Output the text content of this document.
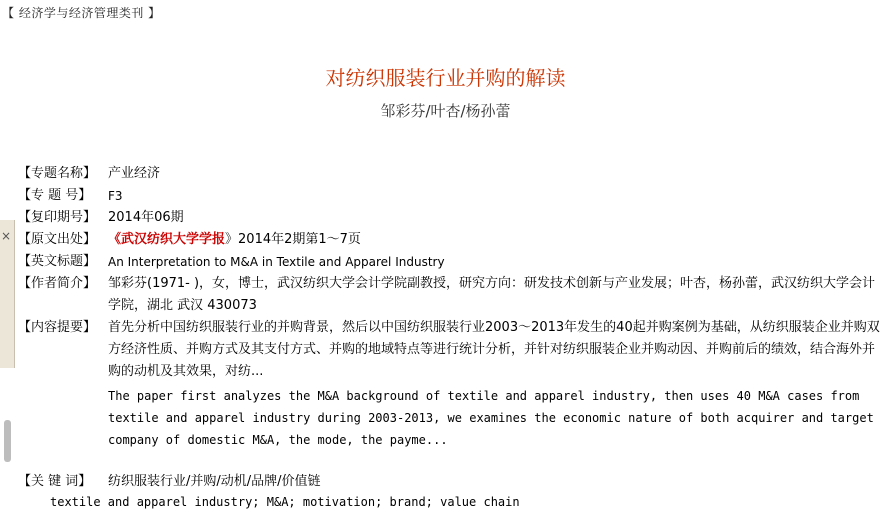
【 经济学与经济管理类刊 】
对纺织服装行业并购的解读
邹彩芬/叶杏/杨孙蕾
【专题名称】 产业经济
【专 题 号】	F3
【复印期号】 2014年06期
【原文出处】 《武汉纺织大学学报》2014年2期第1～7页
【英文标题】 An Interpretation to M&A in Textile and Apparel Industry
【作者简介】 邹彩芬(1971- )，女，博士，武汉纺织大学会计学院副教授，研究方向：研发技术创新与产业发展；叶杏，杨孙蕾，武汉纺织大学会计学院，湖北 武汉 430073
【内容提要】 首先分析中国纺织服装行业的并购背景，然后以中国纺织服装行业2003～2013年发生的40起并购案例为基础，从纺织服装企业并购双方经济性质、并购方式及其支付方式、并购的地域特点等进行统计分析，并针对纺织服装企业并购动因、并购前后的绩效，结合海外并购的动机及其效果，对纺...
The paper first analyzes the M&A background of textile and apparel industry, then uses 40 M&A cases from textile and apparel industry during 2003-2013, we examines the economic nature of both acquirer and target company of domestic M&A, the mode, the payme...
【关 键 词】	纺织服装行业/并购/动机/品牌/价值链
textile and apparel industry; M&A; motivation; brand; value chain
×
